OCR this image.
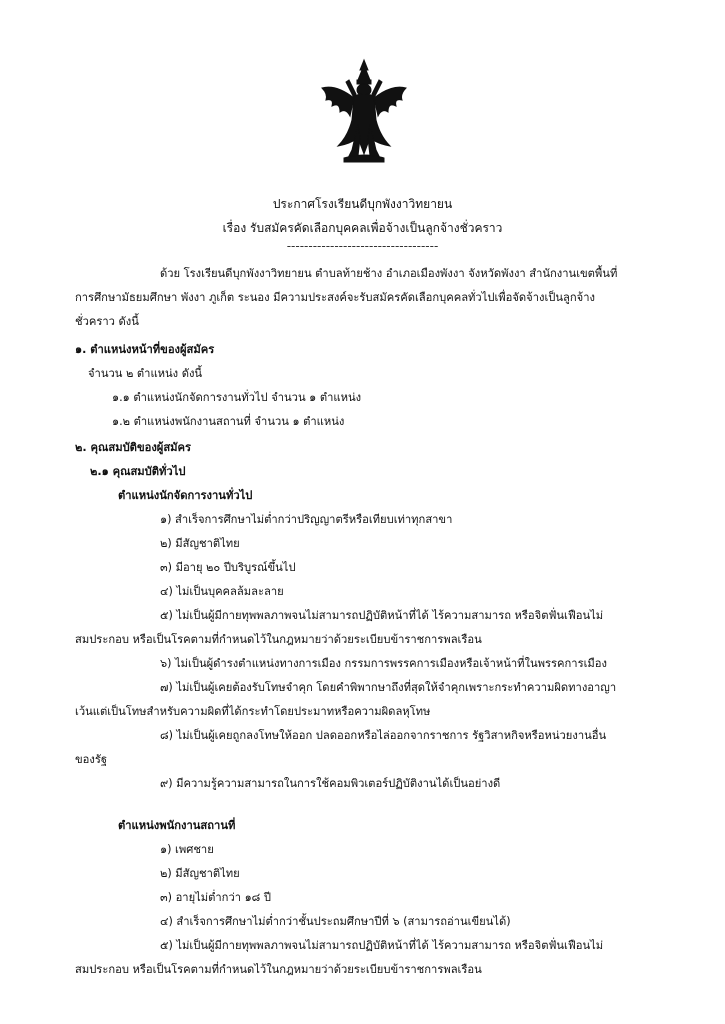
ประกาศโรงเรียนดีบุกพังงาวิทยายน
เรื่อง รับสมัครคัดเลือกบุคคลเพื่อจ้างเป็นลูกจ้างชั่วคราว
-----------------------------------
ด้วย โรงเรียนดีบุกพังงาวิทยายน ตำบลท้ายช้าง อำเภอเมืองพังงา จังหวัดพังงา สำนักงานเขตพื้นที่
การศึกษามัธยมศึกษา พังงา ภูเก็ต ระนอง มีความประสงค์จะรับสมัครคัดเลือกบุคคลทั่วไปเพื่อจัดจ้างเป็นลูกจ้าง
ชั่วคราว ดังนี้
๑. ตำแหน่งหน้าที่ของผู้สมัคร
จำนวน ๒ ตำแหน่ง ดังนี้
๑.๑ ตำแหน่งนักจัดการงานทั่วไป จำนวน ๑ ตำแหน่ง
๑.๒ ตำแหน่งพนักงานสถานที่ จำนวน ๑ ตำแหน่ง
๒. คุณสมบัติของผู้สมัคร
๒.๑ คุณสมบัติทั่วไป
ตำแหน่งนักจัดการงานทั่วไป
๑) สำเร็จการศึกษาไม่ต่ำกว่าปริญญาตรีหรือเทียบเท่าทุกสาขา
๒) มีสัญชาติไทย
๓) มีอายุ ๒๐ ปีบริบูรณ์ขึ้นไป
๔) ไม่เป็นบุคคลล้มละลาย
๕) ไม่เป็นผู้มีกายทุพพลภาพจนไม่สามารถปฏิบัติหน้าที่ได้ ไร้ความสามารถ หรือจิตฟั่นเฟือนไม่
สมประกอบ หรือเป็นโรคตามที่กำหนดไว้ในกฎหมายว่าด้วยระเบียบข้าราชการพลเรือน
๖) ไม่เป็นผู้ดำรงตำแหน่งทางการเมือง กรรมการพรรคการเมืองหรือเจ้าหน้าที่ในพรรคการเมือง
๗) ไม่เป็นผู้เคยต้องรับโทษจำคุก โดยคำพิพากษาถึงที่สุดให้จำคุกเพราะกระทำความผิดทางอาญา
เว้นแต่เป็นโทษสำหรับความผิดที่ได้กระทำโดยประมาทหรือความผิดลหุโทษ
๘) ไม่เป็นผู้เคยถูกลงโทษให้ออก ปลดออกหรือไล่ออกจากราชการ รัฐวิสาหกิจหรือหน่วยงานอื่น
ของรัฐ
๙) มีความรู้ความสามารถในการใช้คอมพิวเตอร์ปฏิบัติงานได้เป็นอย่างดี
ตำแหน่งพนักงานสถานที่
๑) เพศชาย
๒) มีสัญชาติไทย
๓) อายุไม่ต่ำกว่า ๑๘ ปี
๔) สำเร็จการศึกษาไม่ต่ำกว่าชั้นประถมศึกษาปีที่ ๖ (สามารถอ่านเขียนได้)
๕) ไม่เป็นผู้มีกายทุพพลภาพจนไม่สามารถปฏิบัติหน้าที่ได้ ไร้ความสามารถ หรือจิตฟั่นเฟือนไม่
สมประกอบ หรือเป็นโรคตามที่กำหนดไว้ในกฎหมายว่าด้วยระเบียบข้าราชการพลเรือน
